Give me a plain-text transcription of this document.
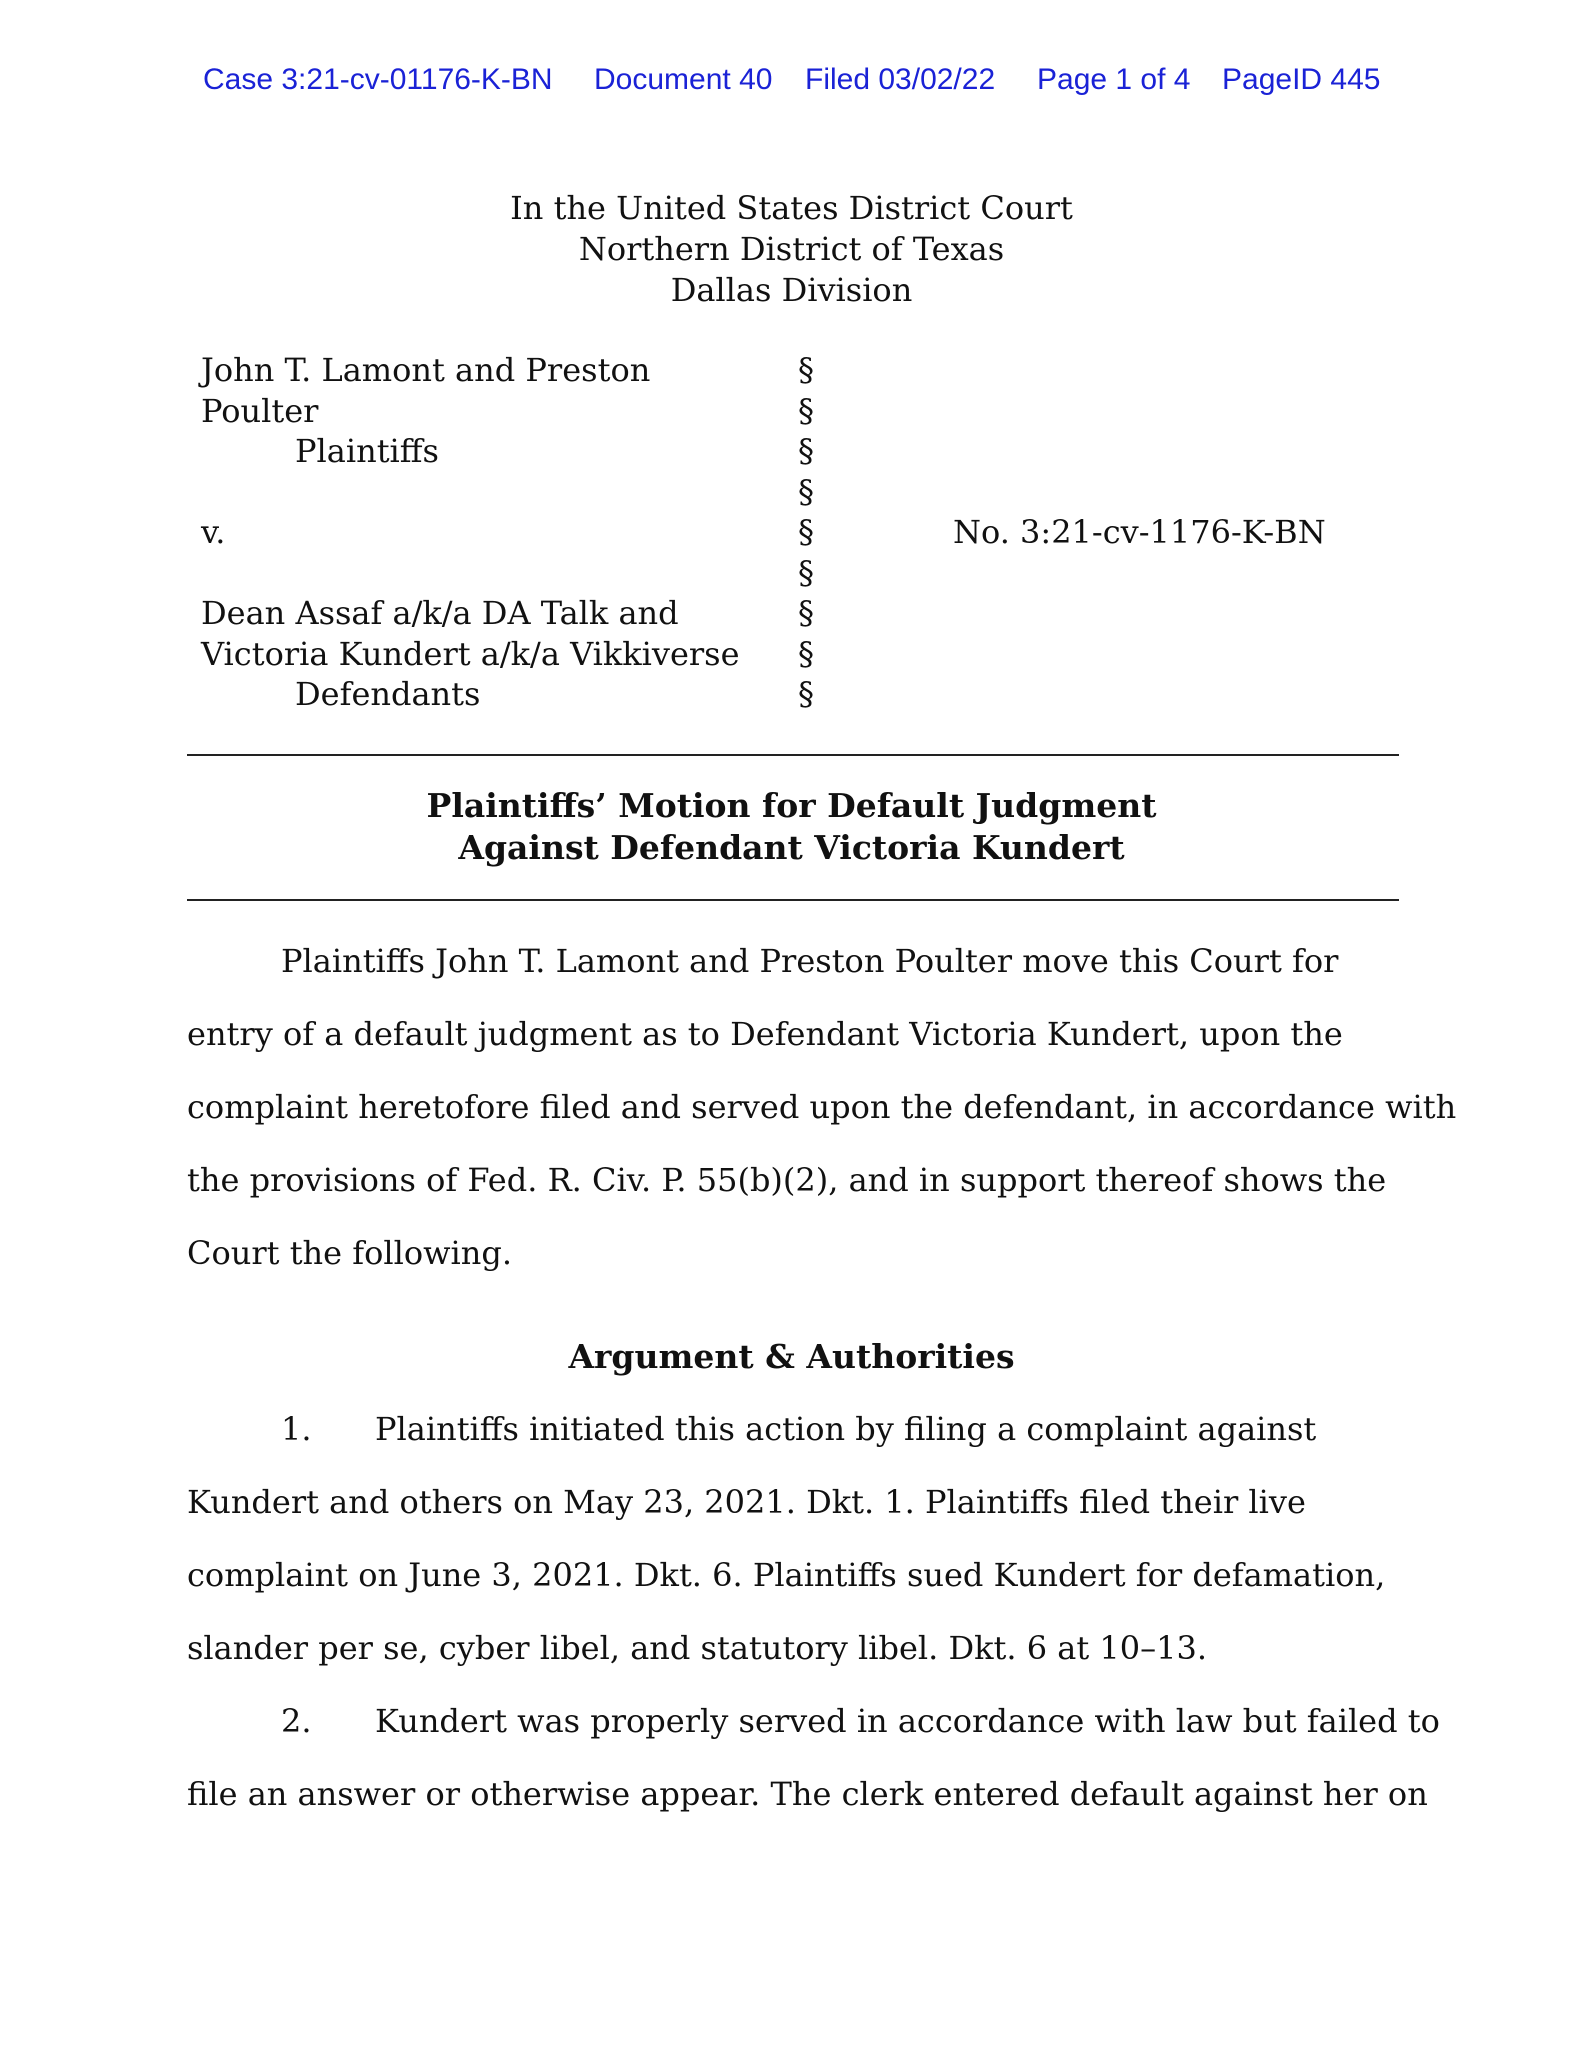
Case 3:21-cv-01176-K-BN Document 40 Filed 03/02/22 Page 1 of 4 PageID 445
In the United States District Court
Northern District of Texas
Dallas Division
John T. Lamont and Preston
Poulter
Plaintiffs
v.
Dean Assaf a/k/a DA Talk and
Victoria Kundert a/k/a Vikkiverse
Defendants
§
§
§
§
§
§
§
§
§
No. 3:21-cv-1176-K-BN
Plaintiffs’ Motion for Default Judgment
Against Defendant Victoria Kundert
Plaintiffs John T. Lamont and Preston Poulter move this Court for
entry of a default judgment as to Defendant Victoria Kundert, upon the
complaint heretofore filed and served upon the defendant, in accordance with
the provisions of Fed. R. Civ. P. 55(b)(2), and in support thereof shows the
Court the following.
Argument & Authorities
1. Plaintiffs initiated this action by filing a complaint against
Kundert and others on May 23, 2021. Dkt. 1. Plaintiffs filed their live
complaint on June 3, 2021. Dkt. 6. Plaintiffs sued Kundert for defamation,
slander per se, cyber libel, and statutory libel. Dkt. 6 at 10–13.
2. Kundert was properly served in accordance with law but failed to
file an answer or otherwise appear. The clerk entered default against her on
